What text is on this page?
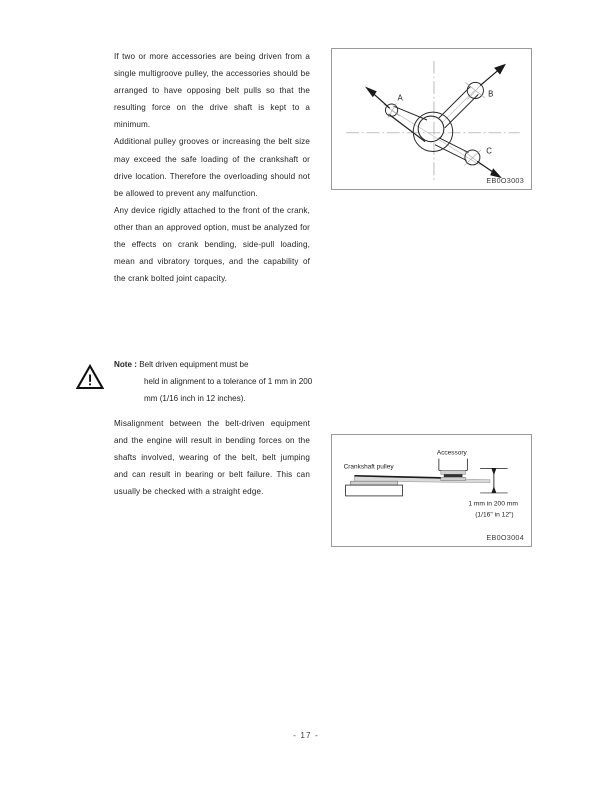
If two or more accessories are being driven from a single multigroove pulley, the accessories should be arranged to have opposing belt pulls so that the resulting force on the drive shaft is kept to a minimum.

Additional pulley grooves or increasing the belt size may exceed the safe loading of the crankshaft or drive location. Therefore the overloading should not be allowed to prevent any malfunction.

Any device rigidly attached to the front of the crank, other than an approved option, must be analyzed for the effects on crank bending, side-pull loading, mean and vibratory torques, and the capability of the crank bolted joint capacity.

Note : Belt driven equipment must be
held in alignment to a tolerance of 1 mm in 200 mm (1/16 inch in 12 inches).

Misalignment between the belt-driven equipment and the engine will result in bending forces on the shafts involved, wearing of the belt, belt jumping and can result in bearing or belt failure. This can usually be checked with a straight edge.

A	B
C
EB0O3003
Crankshaft pulley
Accessory
1 mm in 200 mm
(1/16" in 12")
EB0O3004
- 17 -
